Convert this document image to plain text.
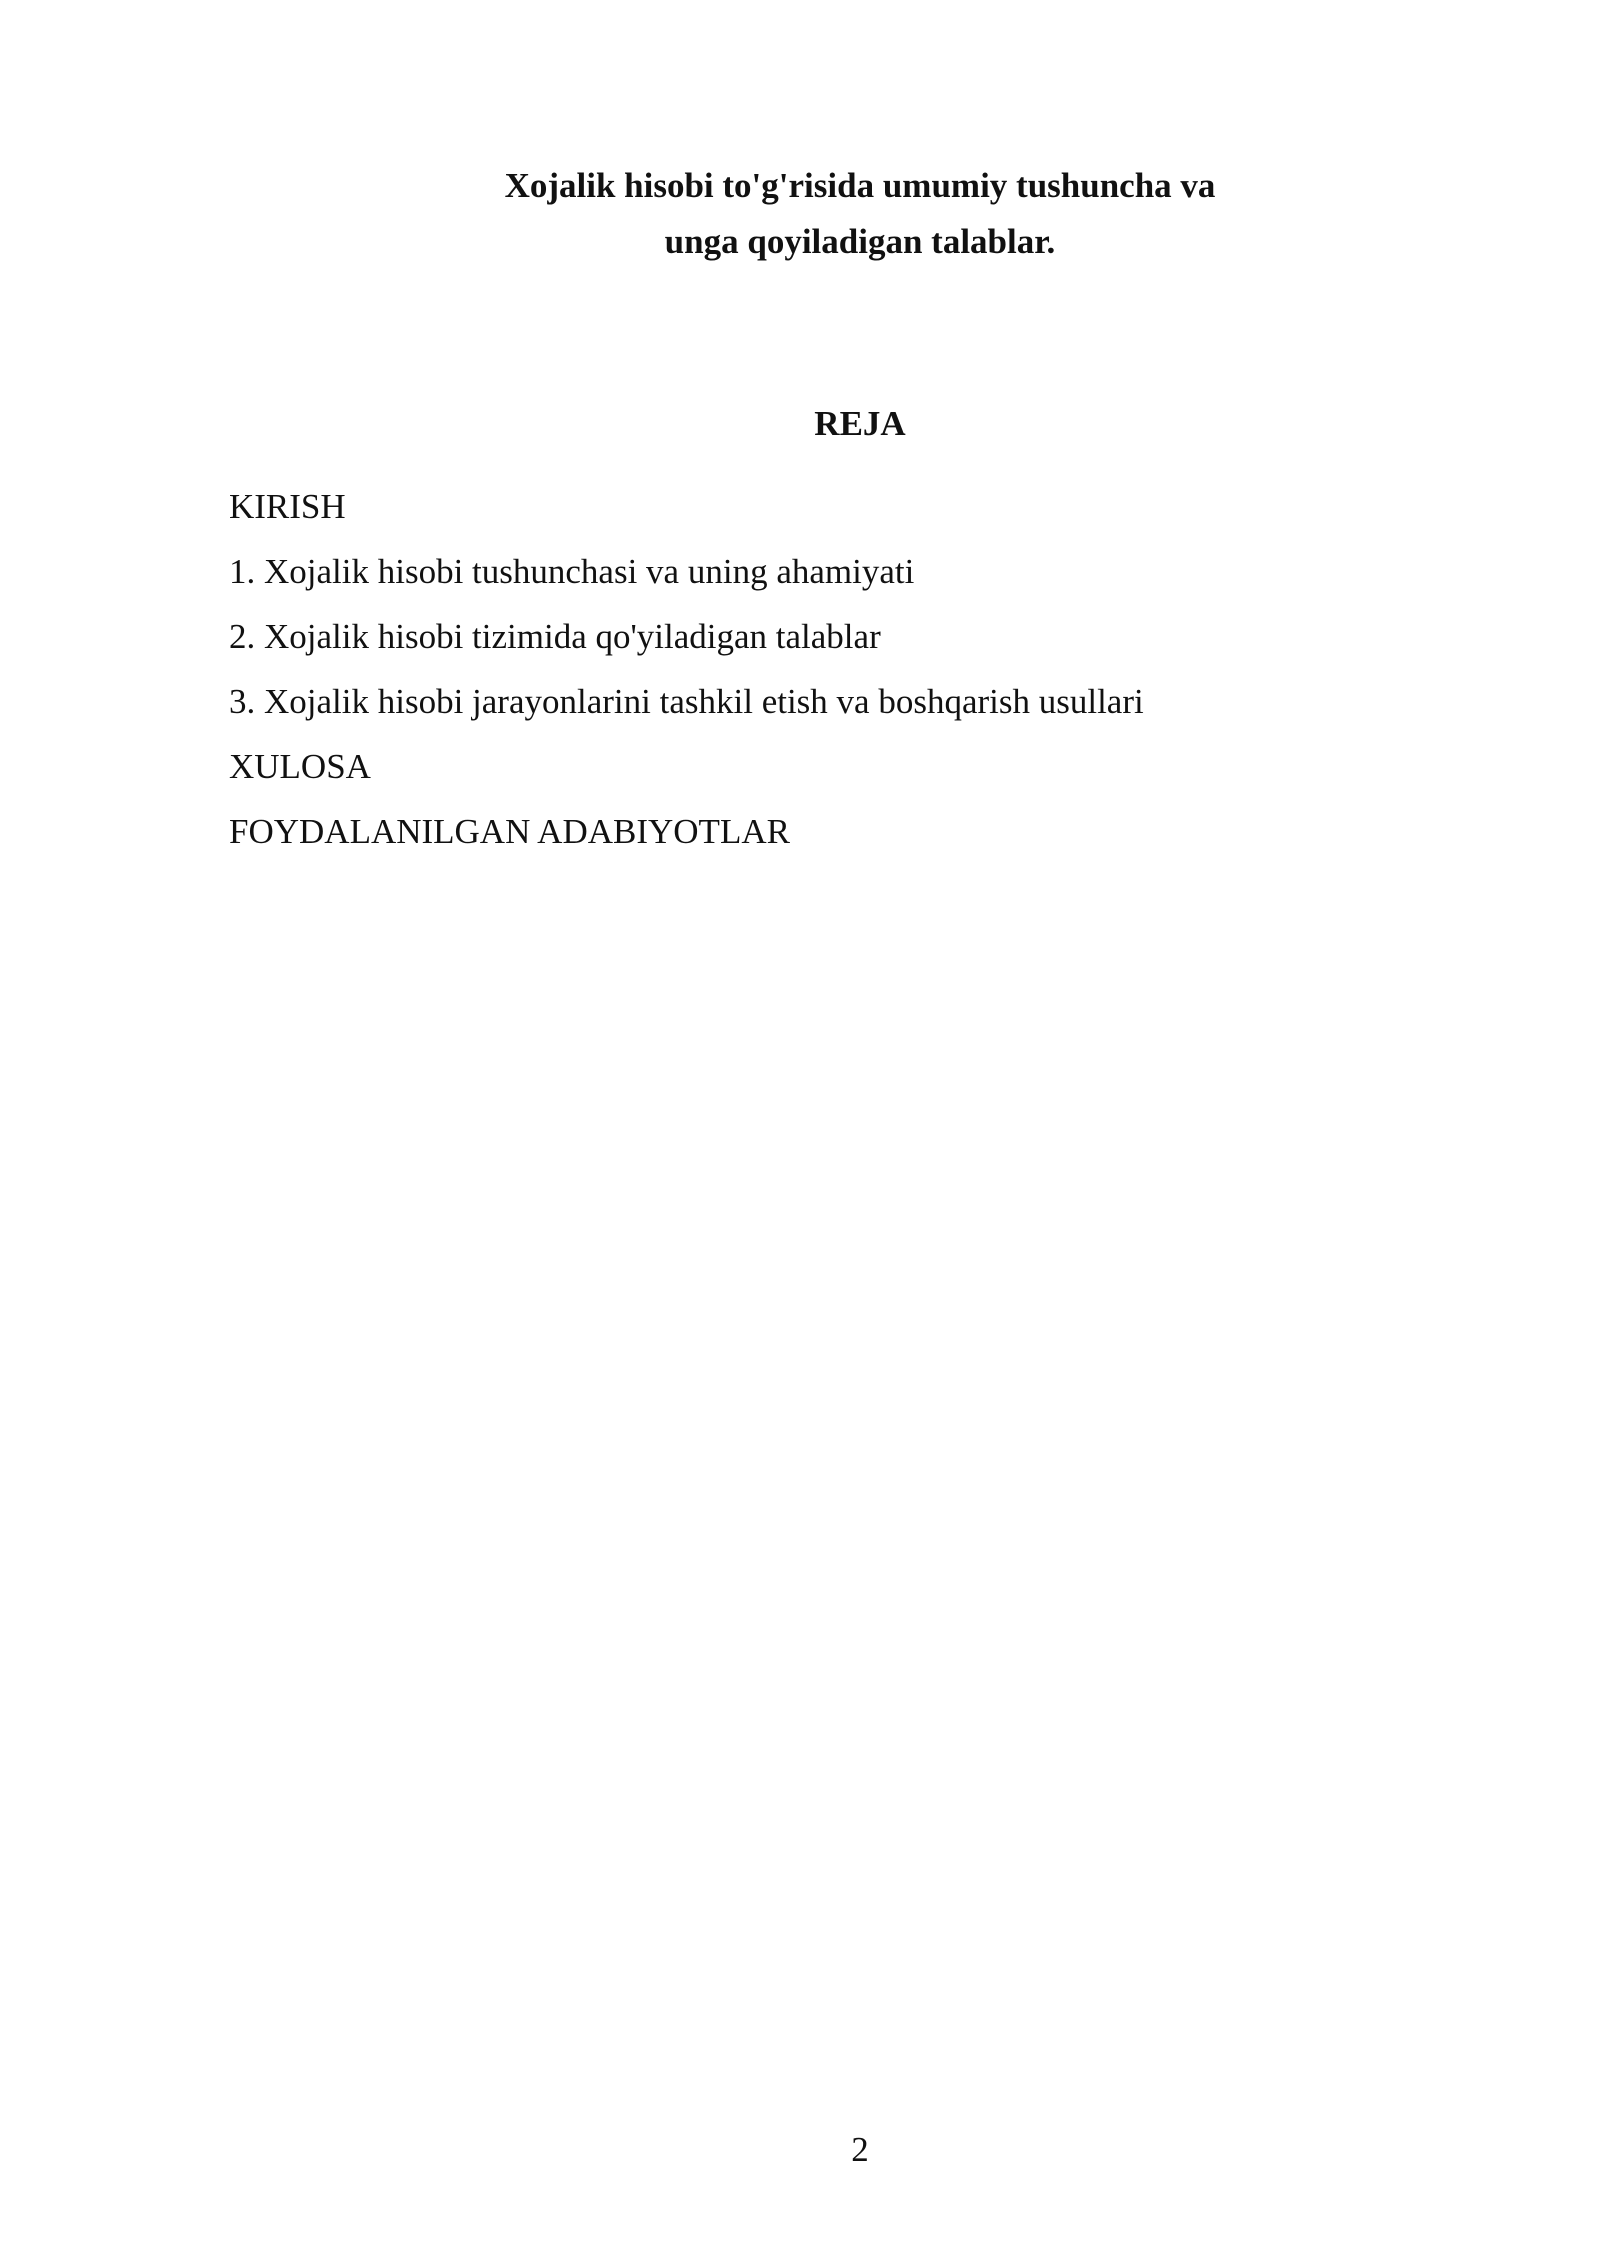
Xojalik hisobi to'g'risida umumiy tushuncha va
unga qoyiladigan talablar.
REJA
KIRISH
1. Xojalik hisobi tushunchasi va uning ahamiyati
2. Xojalik hisobi tizimida qo'yiladigan talablar
3. Xojalik hisobi jarayonlarini tashkil etish va boshqarish usullari
XULOSA
FOYDALANILGAN ADABIYOTLAR
2
